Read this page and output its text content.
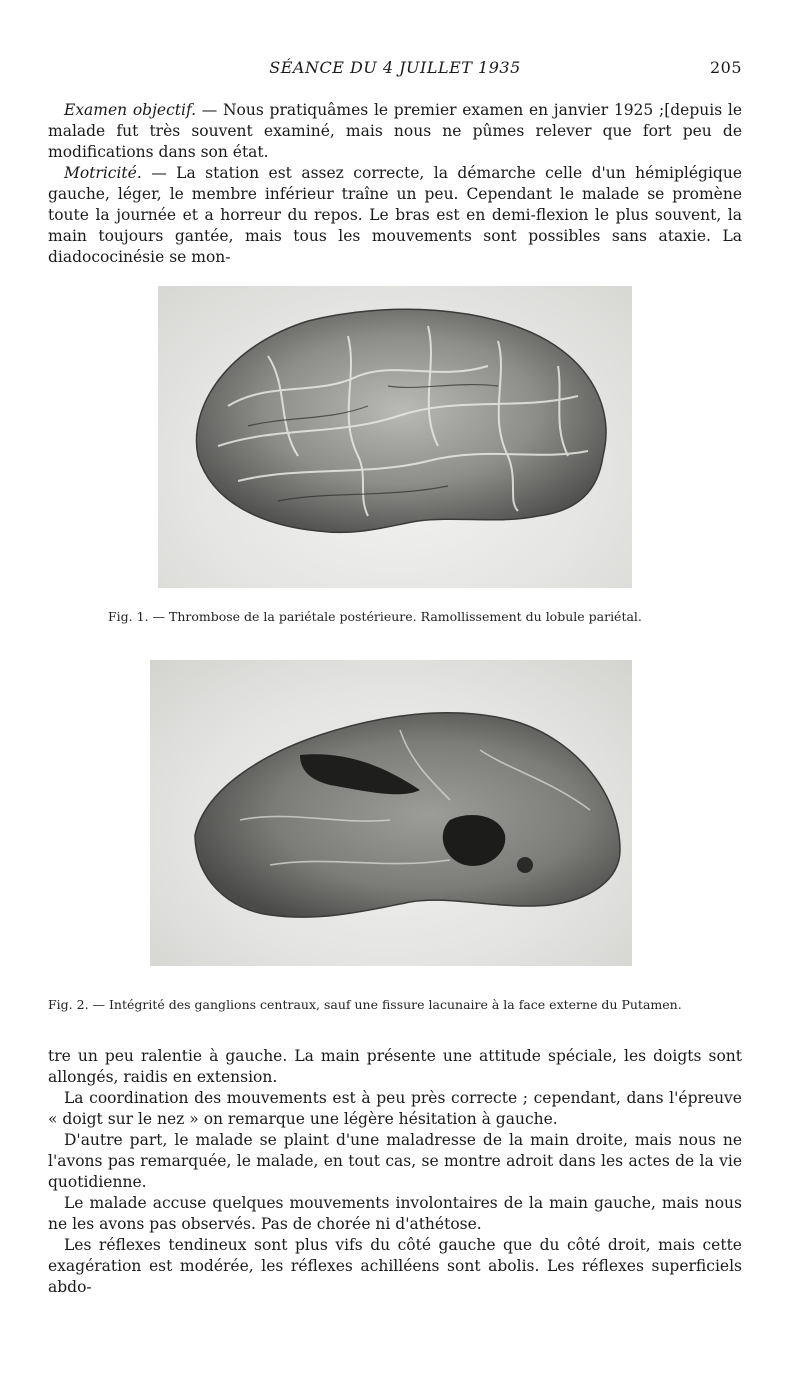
SÉANCE DU 4 JUILLET 1935	205

Examen objectif. — Nous pratiquâmes le premier examen en janvier 1925 ;[depuis le malade fut très souvent examiné, mais nous ne pûmes relever que fort peu de modifications dans son état.

Motricité. — La station est assez correcte, la démarche celle d'un hémiplégique gauche, léger, le membre inférieur traîne un peu. Cependant le malade se promène toute la journée et a horreur du repos. Le bras est en demi-flexion le plus souvent, la main toujours gantée, mais tous les mouvements sont possibles sans ataxie. La diadococinésie se mon-

Fig. 1. — Thrombose de la pariétale postérieure. Ramollissement du lobule pariétal.
Fig. 2. — Intégrité des ganglions centraux, sauf une fissure lacunaire à la face externe du Putamen.

tre un peu ralentie à gauche. La main présente une attitude spéciale, les doigts sont allongés, raidis en extension.

La coordination des mouvements est à peu près correcte ; cependant, dans l'épreuve « doigt sur le nez » on remarque une légère hésitation à gauche.

D'autre part, le malade se plaint d'une maladresse de la main droite, mais nous ne l'avons pas remarquée, le malade, en tout cas, se montre adroit dans les actes de la vie quotidienne.

Le malade accuse quelques mouvements involontaires de la main gauche, mais nous ne les avons pas observés. Pas de chorée ni d'athétose.

Les réflexes tendineux sont plus vifs du côté gauche que du côté droit, mais cette exagération est modérée, les réflexes achilléens sont abolis. Les réflexes superficiels abdo-
